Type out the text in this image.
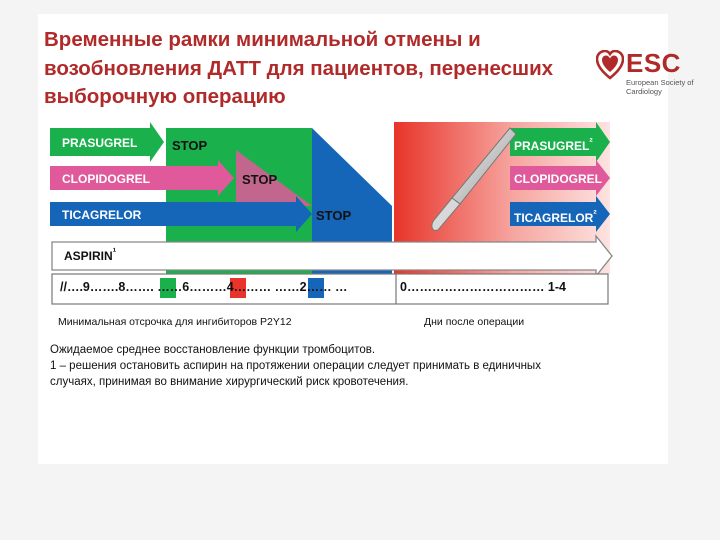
Временные рамки минимальной отмены и
возобновления ДАТТ для пациентов, перенесших
выборочную операцию
ESC
European Society of Cardiology
PRASUGREL
CLOPIDOGREL
TICAGRELOR
STOP
STOP
STOP
$PRASUGREL^{^2}$
CLOPIDOGREL
$TICAGRELOR^{^2}$
$ASPIRIN^{^1}$
//….9…….8……. ……6………4……… ……2…… …	0…………………………… 1-4
Минимальная отсрочка для ингибиторов P2Y12	Дни после операции

Ожидаемое среднее восстановление функции тромбоцитов.

1 – решения остановить аспирин на протяжении операции следует принимать в единичных

случаях, принимая во внимание хирургический риск кровотечения.
